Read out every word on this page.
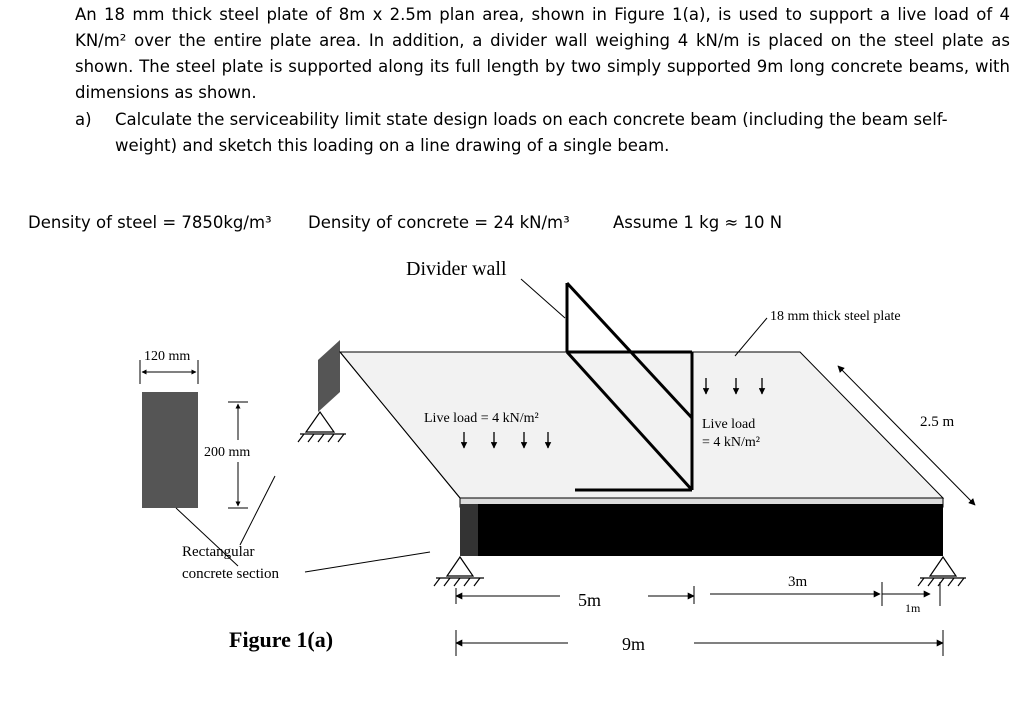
An 18 mm thick steel plate of 8m x 2.5m plan area, shown in Figure 1(a), is used to support a live load of 4 KN/m² over the entire plate area. In addition, a divider wall weighing 4 kN/m is placed on the steel plate as shown. The steel plate is supported along its full length by two simply supported 9m long concrete beams, with dimensions as shown.
a) Calculate the serviceability limit state design loads on each concrete beam (including the beam self-weight) and sketch this loading on a line drawing of a single beam.
Density of steel = 7850kg/m³ Density of concrete = 24 kN/m³	Assume 1 kg ≈ 10 N
Divider wall
18 mm thick steel plate
Live load = 4 kN/m²	Live load
= 4 kN/m²
2.5 m
120 mm
200 mm
Rectangular
concrete section
5m
3m
1m
9m
Figure 1(a)
